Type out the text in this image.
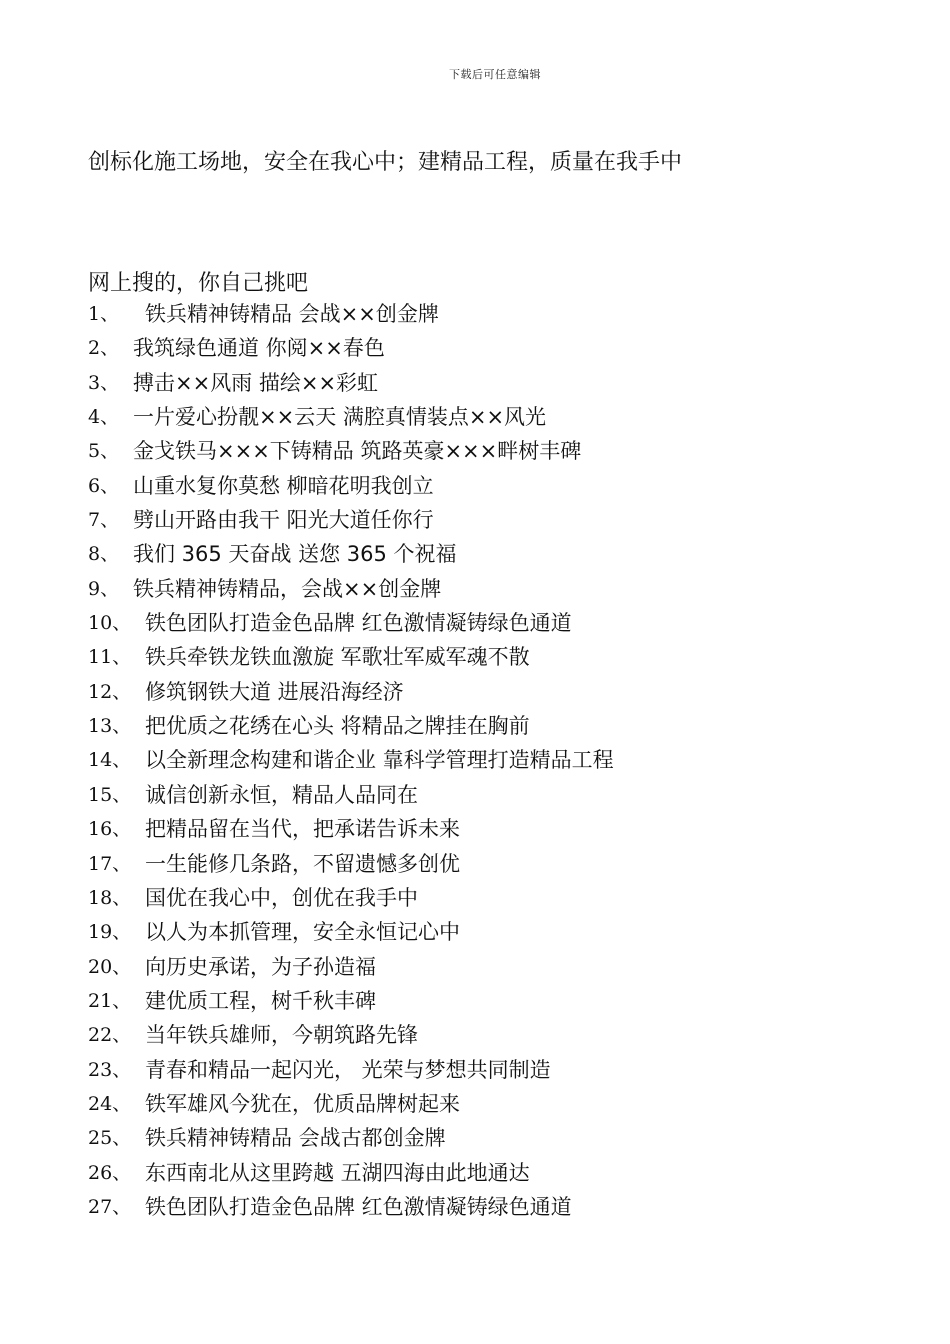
下载后可任意编辑
创标化施工场地，安全在我心中；建精品工程，质量在我手中
网上搜的，你自己挑吧
1、	铁兵精神铸精品 会战××创金牌
2、 我筑绿色通道 你阅××春色
3、 搏击××风雨 描绘××彩虹
4、 一片爱心扮靓××云天 满腔真情装点××风光
5、 金戈铁马×××下铸精品 筑路英豪×××畔树丰碑
6、 山重水复你莫愁 柳暗花明我创立
7、 劈山开路由我干 阳光大道任你行
8、 我们 365 天奋战 送您 365 个祝福
9、 铁兵精神铸精品，会战××创金牌
10、 铁色团队打造金色品牌 红色激情凝铸绿色通道
11、 铁兵牵铁龙铁血激旋 军歌壮军威军魂不散
12、 修筑钢铁大道 进展沿海经济
13、 把优质之花绣在心头 将精品之牌挂在胸前
14、 以全新理念构建和谐企业 靠科学管理打造精品工程
15、 诚信创新永恒，精品人品同在
16、 把精品留在当代，把承诺告诉未来
17、 一生能修几条路，不留遗憾多创优
18、 国优在我心中，创优在我手中
19、 以人为本抓管理，安全永恒记心中
20、 向历史承诺，为子孙造福
21、 建优质工程，树千秋丰碑
22、 当年铁兵雄师，今朝筑路先锋
23、 青春和精品一起闪光， 光荣与梦想共同制造
24、 铁军雄风今犹在，优质品牌树起来
25、 铁兵精神铸精品 会战古都创金牌
26、 东西南北从这里跨越 五湖四海由此地通达
27、 铁色团队打造金色品牌 红色激情凝铸绿色通道
